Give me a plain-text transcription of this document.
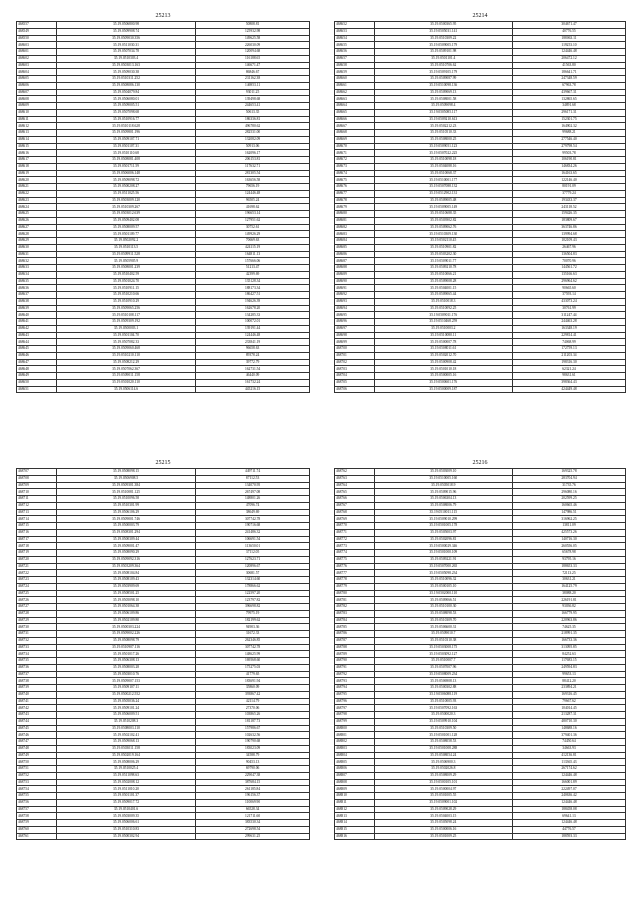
25213
468557	35.19.0506800.98	50808.81
468549	35.19.0509908.74	125932.98
468550	35.19.0509030.356	149625.58
468603	35.19.0511030.31	226030.09
468601	35.19.0507034.78	120094.68
468602	35.19.0510303.4	116188.65
468603	35.19.0503013.163	146671.47
468604	35.19.0509030.38	86846.67
468605	35.19.0510311.252	231162.38
468606	35.19.0508086.130	146953.11
468607	35.19.0504079.84	93011.25
468608	35.19.0506080.01	139498.68
468609	35.19.0509005.51	244653.41
468610	35.19.0507098.68	50613.35
468611	35.19.0510916.77	186336.81
468612	35.19.0510118.628	496780.62
468613	35.19.0509801.196	282531.00
468614	35.19.0509107.71	132082.09
468615	35.19.0501107.31	50913.06
468616	35.19.0510110.68	162096.17
468617	35.19.0508081.408	206153.81
468618	35.19.0501711.59	117632.71
468619	35.19.0506006.148	281305.54
468620	35.19.0509098.72	163656.58
468621	35.19.0500208.27	79656.19
468622	35.19.0511025.56	124446.48
468623	35.19.0503009.120	96505.24
468624	35.19.0510309.267	41698.62
468625	35.19.0503012.639	196653.14
468626	35.19.0509402.08	127951.62
468627	35.19.0508009.57	30752.61
468628	35.19.0501109.77	149926.29
468629	35.19.0502092.2	70669.63
468630	35.19.0510113.5	424115.19
468631	35.19.0509911.528	164811.13
468632	35.19.0505905.9	157666.06
468633	35.19.0508001.239	51213.47
468634	35.19.0510402.59	42399.69
468635	35.19.0501024.70	135128.34
468636	35.19.0510911.15	188173.34
468637	35.19.0510210.66	186427.51
468638	35.19.0510910.29	194626.39
468639	35.19.0509065.256	162678.20
468640	35.19.0510108.117	134285.33
468641	35.19.0509309.192	100072.01
468642	35.19.0500003.1	139191.44
468643	35.19.0501104.70	124446.48
468644	35.19.0507082.33	233841.19
468645	35.19.0509060.468	96658.63
468646	35.19.0510210.110	89378.24
468647	35.19.0508212.29	39772.79
468648	35.19.0507062.367	162731.54
468649	35.19.0509011.158	46440.09
468650	35.19.0501020.110	161732.24
468651	35.19.0506114.6	445216.15
25214
468652	35.19.0500365.95	304671.47
468653	35.19.0505031.141	40776.55
468654	35.19.0510309.22	188063.11
468655	35.19.0509005.179	119253.10
468656	35.19.0509101.98	124446.48
468657	35.19.0501101.4	206472.12
468658	35.19.0510706.62	41563.80
468659	35.19.0509105.179	186641.71
468660	35.19.0509087.99	247348.59
468661	35.19.0510098.136	67963.78
468662	35.19.0509069.13	439667.31
468663	35.19.0508001.58	132865.65
468664	35.19.0509098.4	34891.68
468665	35.19.0505085.117	296171.31
468666	35.19.0509210.613	152301.75
468667	35.19.0502212.23	164902.32
468668	35.19.0510510.33	99688.21
468669	35.19.0508000.25	277546.40
468670	35.19.0509051.123	279798.54
468671	35.19.0507022.225	99503.78
468672	35.19.0510098.18	106190.81
468673	35.19.0504088.16	146834.26
468674	35.19.0510068.37	164163.65
468675	35.19.0510001.177	122146.40
468676	35.19.0507088.132	80191.09
468677	35.19.0512902.131	37779.24
468678	35.19.0509005.48	193433.37
468679	35.19.0509005.149	243118.52
468680	35.19.0510688.35	159426.35
468681	35.19.0503902.82	183809.67
468682	35.19.0509062.76	363746.86
468683	35.19.0510309.130	139994.68
468684	35.19.0502110.45	102109.43
468685	35.19.0510901.82	26467.96
468686	35.19.0503202.30	136504.83
468687	35.19.0509011.77	70070.96
468688	35.19.0509210.78	144561.72
468689	35.19.0510066.21	135166.63
468690	35.19.0509008.28	296964.62
468691	35.19.0504001.15	90665.60
468692	35.19.0509065.44	37593.14
468693	35.19.0510018.3	433073.24
468694	35.19.0510092.25	30761.99
468695	35.19.0509011.176	311247.44
468696	35.19.0510468.259	244463.28
468697	35.19.0510003.2	163348.19
468698	35.19.0510080.11	229814.41
468699	35.19.0500007.78	74068.99
468700	35.19.0508011.61	172759.13
468701	35.19.0502012.70	211203.34
468702	35.19.0500908.42	198316.30
468703	35.19.0501010.18	62321.24
468704	35.19.0500005.16	98631.61
468705	35.19.0500601.176	398364.43
468706	35.19.0500009.187	424449.48
25215
468707	35.19.0508098.15	449711.74
468708	35.19.0506908.5	87112.53
468709	35.19.0509301.384	134070.95
468710	35.19.0510081.125	267497.08
468711	35.19.0510096.58	148801.26
468712	35.19.0510301.99	47096.74
468713	35.19.0506106.29	38649.69
468714	35.19.0509001.746	307742.78
468715	35.19.0500003.79	190716.68
468716	35.19.0508301.294	241486.32
468717	35.19.0500309.44	106691.54
468718	35.19.0509001.47	113650.01
468719	35.19.0508090.29	37112.05
468720	35.19.0509092.316	127623.71
468721	35.19.0503209.364	120896.67
468722	35.19.0508104.84	30681.57
468723	35.19.0508109.43	132314.60
468724	35.19.0503909.69	178866.62
468725	35.19.0508501.25	122597.20
468726	35.19.0505098.10	123797.82
468727	35.19.0501064.38	396698.82
468728	35.19.0506109.86	79975.19
468729	35.19.0502109.80	182199.62
468730	35.19.0500303.224	94903.36
468731	35.19.0509002.226	31672.33
468732	35.19.0508098.79	262346.85
468733	35.19.0510907.116	307742.78
468734	35.19.0501017.26	148625.99
468735	35.19.0506308.13	169568.60
468736	35.19.0508003.28	175275.03
468737	35.19.0503010.76	41779.65
468738	35.19.0509007.153	183691.94
468739	35.19.0509107.11	35860.09
468740	35.19.0500212.552	393867.42
468741	35.19.0505036.24	42114.79
468742	35.19.0509101.24	27370.06
468743	35.19.0506009.51	103865.26
468744	35.19.0510208.3	181187.73
468745	35.19.0508003.110	157986.67
468746	35.19.0502102.41	102632.56
468747	35.19.0509068.13	190790.68
468748	35.19.0503011.158	183023.09
468749	35.19.0502019.164	34588.79
468750	35.19.0508006.29	90453.13
468751	35.19.0510025.4	69790.06
468752	35.19.0511098.63	229047.38
468753	35.19.0502008.12	387684.15
468754	35.19.0511010.20	261185.84
468755	35.19.0501101.37	196156.37
468756	35.19.0509017.72	110069.90
468757	35.19.0510401.6	66528.34
468758	35.19.0503009.35	121711.60
468759	35.19.0506006.61	383530.34
468760	35.19.0510310.83	272698.54
468761	35.19.0500302.94	299631.25
25216
468762	35.19.0503009.10	169325.78
468763	35.19.0510005.160	283704.94
468764	35.19.0505018.9	31735.76
468765	35.19.0509015.96	296080.16
468766	35.19.0506304.13	202599.25
468767	35.19.0508006.79	160665.46
468768	35.19.0510011.115	147986.51
468769	35.19.0509010.299	316962.25
468770	35.19.0501005.178	13811.09
468771	35.19.0505003.97	425573.26
468772	35.19.0502096.81	140716.30
468773	35.19.0500029.346	260556.05
468774	35.19.0501000.109	65678.98
468775	35.19.0509221.91	93795.16
468776	35.19.0507000.265	188653.33
468777	35.19.0505098.234	72113.25
468778	35.19.0510096.32	30631.21
468779	35.19.0500105.10	164125.79
468780	35.19.0502000.110	38088.20
468781	35.19.0509066.51	226191.81
468782	35.19.0510100.30	93036.82
468783	35.19.0508098.53	166779.95
468784	35.19.0510309.70	220963.86
468785	35.19.0506600.31	74625.35
468786	35.19.0509010.7	218991.35
468787	35.19.0510310.38	166733.36
468788	35.19.0503008.175	313095.85
468789	35.19.0503092.127	84252.63
468790	35.19.0510007.7	117683.15
468791	35.19.0507007.96	249594.83
468792	35.19.0508009.234	99653.13
468793	35.19.0506908.13	88412.20
468794	35.19.0500302.88	233894.21
468795	35.19.0506088.119	169316.45
468796	35.19.0510005.93	79667.62
468797	35.19.0507092.163	104014.45
468798	35.19.0500020.3	213287.31
468799	35.19.0509910.104	480710.30
468800	35.19.0510309.50	148688.16
468801	35.19.0501001.128	379401.36
468802	35.19.0508058.53	74450.64
468803	35.19.0501008.288	34663.93
468804	35.19.0508054.24	412136.81
468805	35.19.0506900.3	113365.43
468806	35.19.0502026.8	267174.62
468807	35.19.0508009.29	124446.48
468808	35.19.0500105.101	166001.89
468809	35.19.0500004.97	222497.07
468810	35.19.0501005.55	240636.42
468811	35.19.0509001.102	124446.48
468812	35.19.0509028.29	188458.08
468813	35.19.0504003.15	69641.13
468814	35.19.0505098.24	124446.48
468815	35.19.0500006.16	44776.57
468816	35.19.0501009.25	188593.33
